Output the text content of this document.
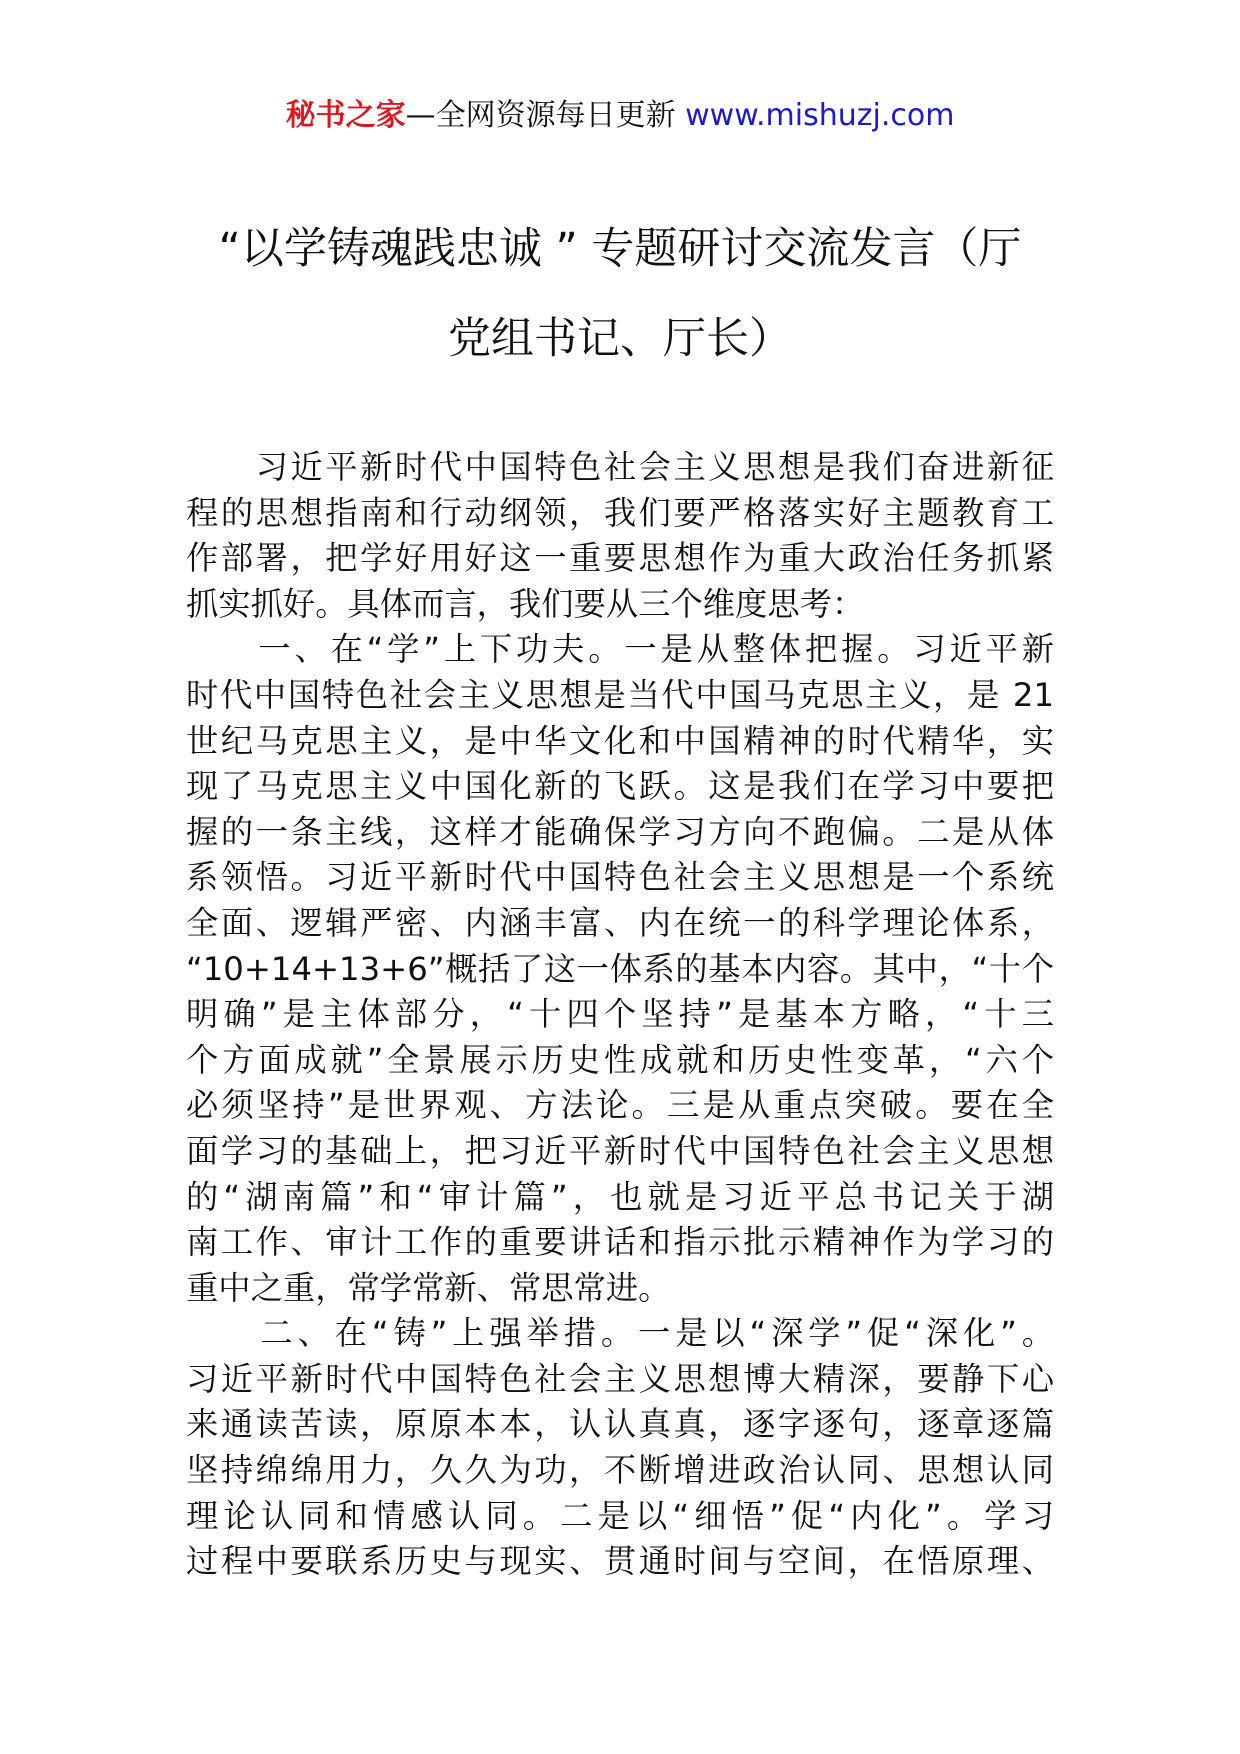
秘书之家—全网资源每日更新 www.mishuzj.com
“以学铸魂践忠诚 ” 专题研讨交流发言（厅
党组书记、厅长）
　　习近平新时代中国特色社会主义思想是我们奋进新征
程的思想指南和行动纲领，我们要严格落实好主题教育工
作部署，把学好用好这一重要思想作为重大政治任务抓紧
抓实抓好。具体而言，我们要从三个维度思考：
　　一、在“学”上下功夫。一是从整体把握。习近平新
时代中国特色社会主义思想是当代中国马克思主义，是 21
世纪马克思主义，是中华文化和中国精神的时代精华，实
现了马克思主义中国化新的飞跃。这是我们在学习中要把
握的一条主线，这样才能确保学习方向不跑偏。二是从体
系领悟。习近平新时代中国特色社会主义思想是一个系统
全面、逻辑严密、内涵丰富、内在统一的科学理论体系，
“10+14+13+6”概括了这一体系的基本内容。其中，“十个
明确”是主体部分，“十四个坚持”是基本方略，“十三
个方面成就”全景展示历史性成就和历史性变革，“六个
必须坚持”是世界观、方法论。三是从重点突破。要在全
面学习的基础上，把习近平新时代中国特色社会主义思想
的“湖南篇”和“审计篇”，也就是习近平总书记关于湖
南工作、审计工作的重要讲话和指示批示精神作为学习的
重中之重，常学常新、常思常进。
　　二、在“铸”上强举措。一是以“深学”促“深化”。
习近平新时代中国特色社会主义思想博大精深，要静下心
来通读苦读，原原本本，认认真真，逐字逐句，逐章逐篇
坚持绵绵用力，久久为功，不断增进政治认同、思想认同
理论认同和情感认同。二是以“细悟”促“内化”。学习
过程中要联系历史与现实、贯通时间与空间，在悟原理、
